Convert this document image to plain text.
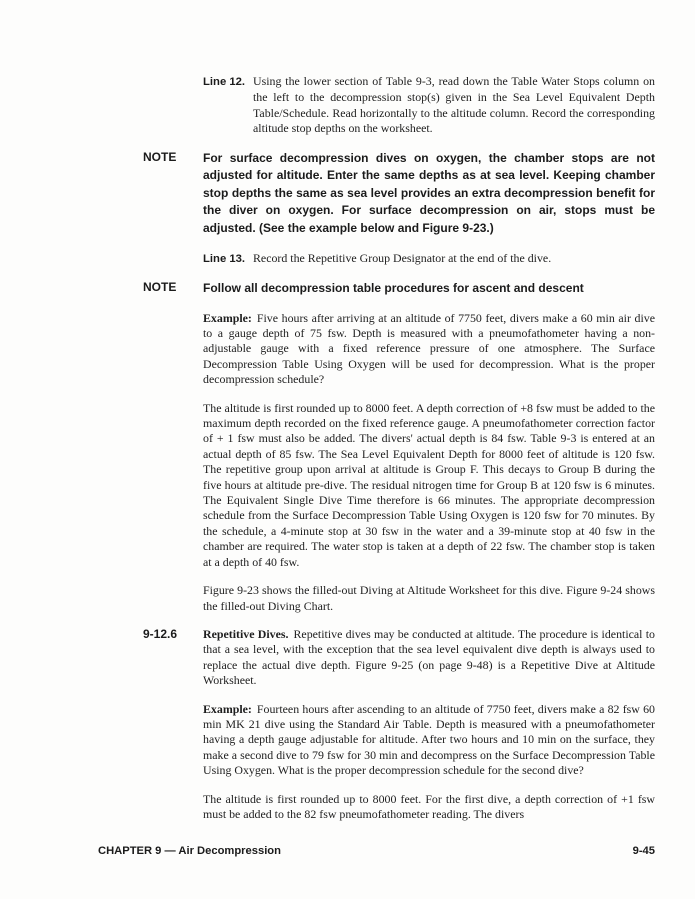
Line 12. Using the lower section of Table 9-3, read down the Table Water Stops column on the left to the decompression stop(s) given in the Sea Level Equivalent Depth Table/Schedule. Read horizontally to the altitude column. Record the corresponding altitude stop depths on the worksheet.

NOTE	For surface decompression dives on oxygen, the chamber stops are not adjusted for altitude. Enter the same depths as at sea level. Keeping chamber stop depths the same as sea level provides an extra decompression benefit for the diver on oxygen. For surface decompression on air, stops must be adjusted. (See the example below and Figure 9-23.)

Line 13. Record the Repetitive Group Designator at the end of the dive.

NOTE	Follow all decompression table procedures for ascent and descent

Example: Five hours after arriving at an altitude of 7750 feet, divers make a 60 min air dive to a gauge depth of 75 fsw. Depth is measured with a pneumofathometer having a non-adjustable gauge with a fixed reference pressure of one atmosphere. The Surface Decompression Table Using Oxygen will be used for decompression. What is the proper decompression schedule?

The altitude is first rounded up to 8000 feet. A depth correction of +8 fsw must be added to the maximum depth recorded on the fixed reference gauge. A pneumofathometer correction factor of + 1 fsw must also be added. The divers' actual depth is 84 fsw. Table 9-3 is entered at an actual depth of 85 fsw. The Sea Level Equivalent Depth for 8000 feet of altitude is 120 fsw. The repetitive group upon arrival at altitude is Group F. This decays to Group B during the five hours at altitude pre-dive. The residual nitrogen time for Group B at 120 fsw is 6 minutes. The Equivalent Single Dive Time therefore is 66 minutes. The appropriate decompression schedule from the Surface Decompression Table Using Oxygen is 120 fsw for 70 minutes. By the schedule, a 4-minute stop at 30 fsw in the water and a 39-minute stop at 40 fsw in the chamber are required. The water stop is taken at a depth of 22 fsw. The chamber stop is taken at a depth of 40 fsw.

Figure 9-23 shows the filled-out Diving at Altitude Worksheet for this dive. Figure 9-24 shows the filled-out Diving Chart.

9-12.6	Repetitive Dives. Repetitive dives may be conducted at altitude. The procedure is identical to that a sea level, with the exception that the sea level equivalent dive depth is always used to replace the actual dive depth. Figure 9-25 (on page 9-48) is a Repetitive Dive at Altitude Worksheet.

Example: Fourteen hours after ascending to an altitude of 7750 feet, divers make a 82 fsw 60 min MK 21 dive using the Standard Air Table. Depth is measured with a pneumofathometer having a depth gauge adjustable for altitude. After two hours and 10 min on the surface, they make a second dive to 79 fsw for 30 min and decompress on the Surface Decompression Table Using Oxygen. What is the proper decompression schedule for the second dive?

The altitude is first rounded up to 8000 feet. For the first dive, a depth correction of +1 fsw must be added to the 82 fsw pneumofathometer reading. The divers

CHAPTER 9 — Air Decompression	9-45
